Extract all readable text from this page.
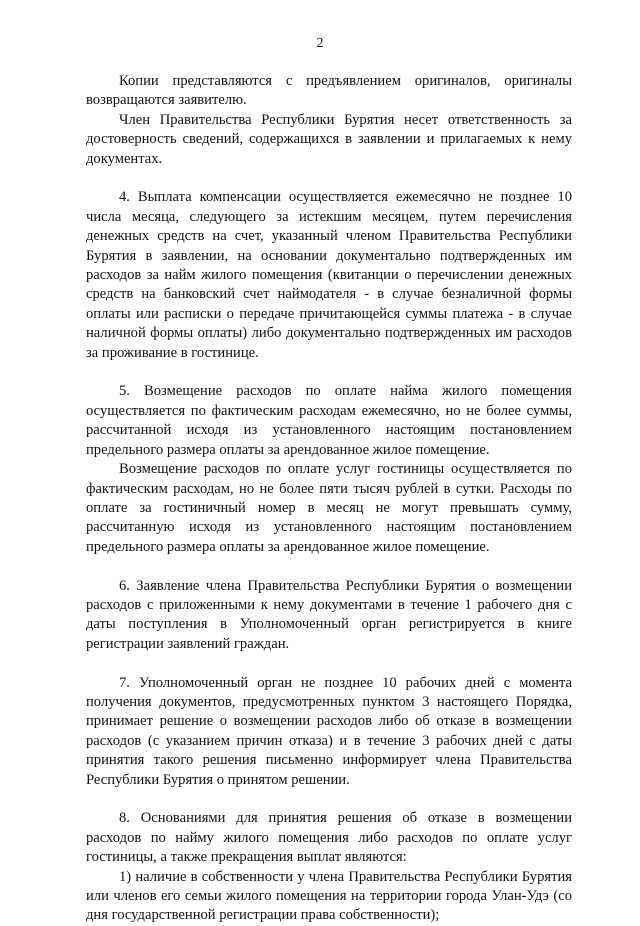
2

Копии представляются с предъявлением оригиналов, оригиналы возвращаются заявителю.

Член Правительства Республики Бурятия несет ответственность за достоверность сведений, содержащихся в заявлении и прилагаемых к нему документах.

4. Выплата компенсации осуществляется ежемесячно не позднее 10 числа месяца, следующего за истекшим месяцем, путем перечисления денежных средств на счет, указанный членом Правительства Республики Бурятия в заявлении, на основании документально подтвержденных им расходов за найм жилого помещения (квитанции о перечислении денежных средств на банковский счет наймодателя - в случае безналичной формы оплаты или расписки о передаче причитающейся суммы платежа - в случае наличной формы оплаты) либо документально подтвержденных им расходов за проживание в гостинице.

5. Возмещение расходов по оплате найма жилого помещения осуществляется по фактическим расходам ежемесячно, но не более суммы, рассчитанной исходя из установленного настоящим постановлением предельного размера оплаты за арендованное жилое помещение.

Возмещение расходов по оплате услуг гостиницы осуществляется по фактическим расходам, но не более пяти тысяч рублей в сутки. Расходы по оплате за гостиничный номер в месяц не могут превышать сумму, рассчитанную исходя из установленного настоящим постановлением предельного размера оплаты за арендованное жилое помещение.

6. Заявление члена Правительства Республики Бурятия о возмещении расходов с приложенными к нему документами в течение 1 рабочего дня с даты поступления в Уполномоченный орган регистрируется в книге регистрации заявлений граждан.

7. Уполномоченный орган не позднее 10 рабочих дней с момента получения документов, предусмотренных пунктом 3 настоящего Порядка, принимает решение о возмещении расходов либо об отказе в возмещении расходов (с указанием причин отказа) и в течение 3 рабочих дней с даты принятия такого решения письменно информирует члена Правительства Республики Бурятия о принятом решении.

8. Основаниями для принятия решения об отказе в возмещении расходов по найму жилого помещения либо расходов по оплате услуг гостиницы, а также прекращения выплат являются:

1) наличие в собственности у члена Правительства Республики Бурятия или членов его семьи жилого помещения на территории города Улан-Удэ (со дня государственной регистрации права собственности);
